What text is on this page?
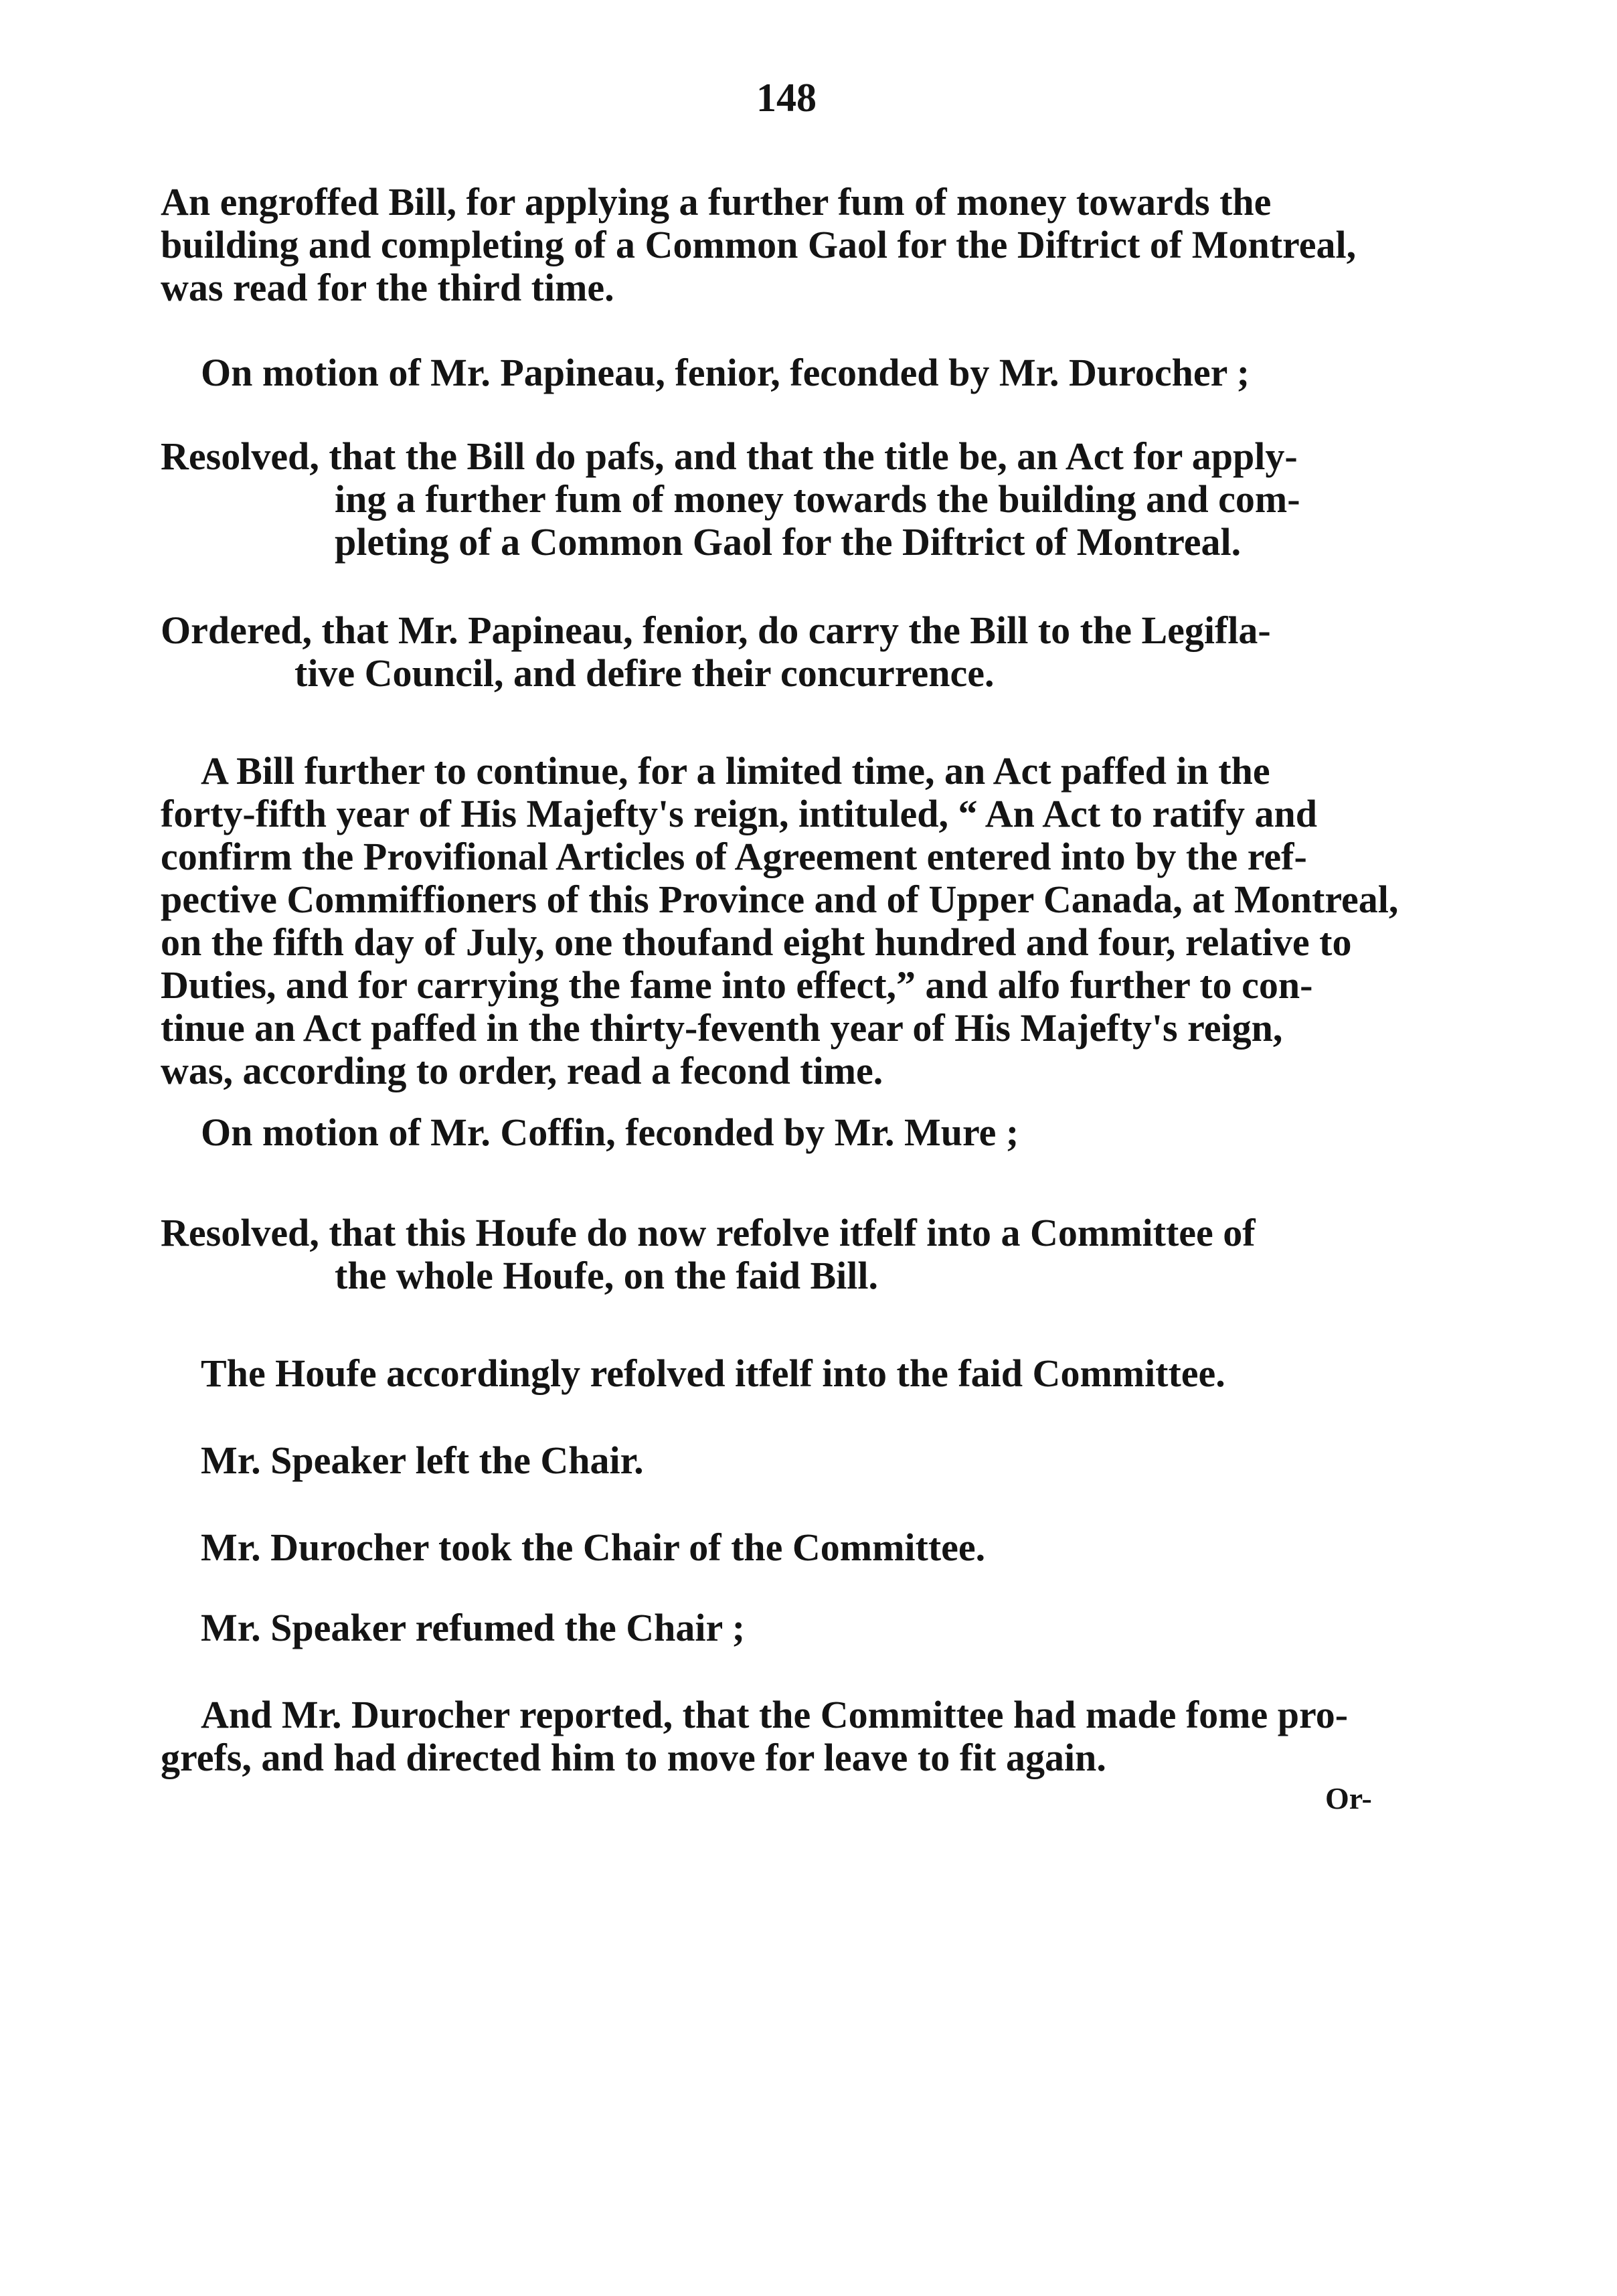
148
An engroffed Bill, for applying a further fum of money towards the
building and completing of a Common Gaol for the Diftrict of Montreal,
was read for the third time.
On motion of Mr. Papineau, fenior, feconded by Mr. Durocher ;
Resolved, that the Bill do pafs, and that the title be, an Act for apply-
ing a further fum of money towards the building and com-
pleting of a Common Gaol for the Diftrict of Montreal.
Ordered, that Mr. Papineau, fenior, do carry the Bill to the Legifla-
tive Council, and defire their concurrence.
A Bill further to continue, for a limited time, an Act paffed in the
forty-fifth year of His Majefty's reign, intituled, “ An Act to ratify and
confirm the Provifional Articles of Agreement entered into by the ref-
pective Commiffioners of this Province and of Upper Canada, at Montreal,
on the fifth day of July, one thoufand eight hundred and four, relative to
Duties, and for carrying the fame into effect,” and alfo further to con-
tinue an Act paffed in the thirty-feventh year of His Majefty's reign,
was, according to order, read a fecond time.
On motion of Mr. Coffin, feconded by Mr. Mure ;
Resolved, that this Houfe do now refolve itfelf into a Committee of
the whole Houfe, on the faid Bill.
The Houfe accordingly refolved itfelf into the faid Committee.
Mr. Speaker left the Chair.
Mr. Durocher took the Chair of the Committee.
Mr. Speaker refumed the Chair ;
And Mr. Durocher reported, that the Committee had made fome pro-
grefs, and had directed him to move for leave to fit again.
Or-
